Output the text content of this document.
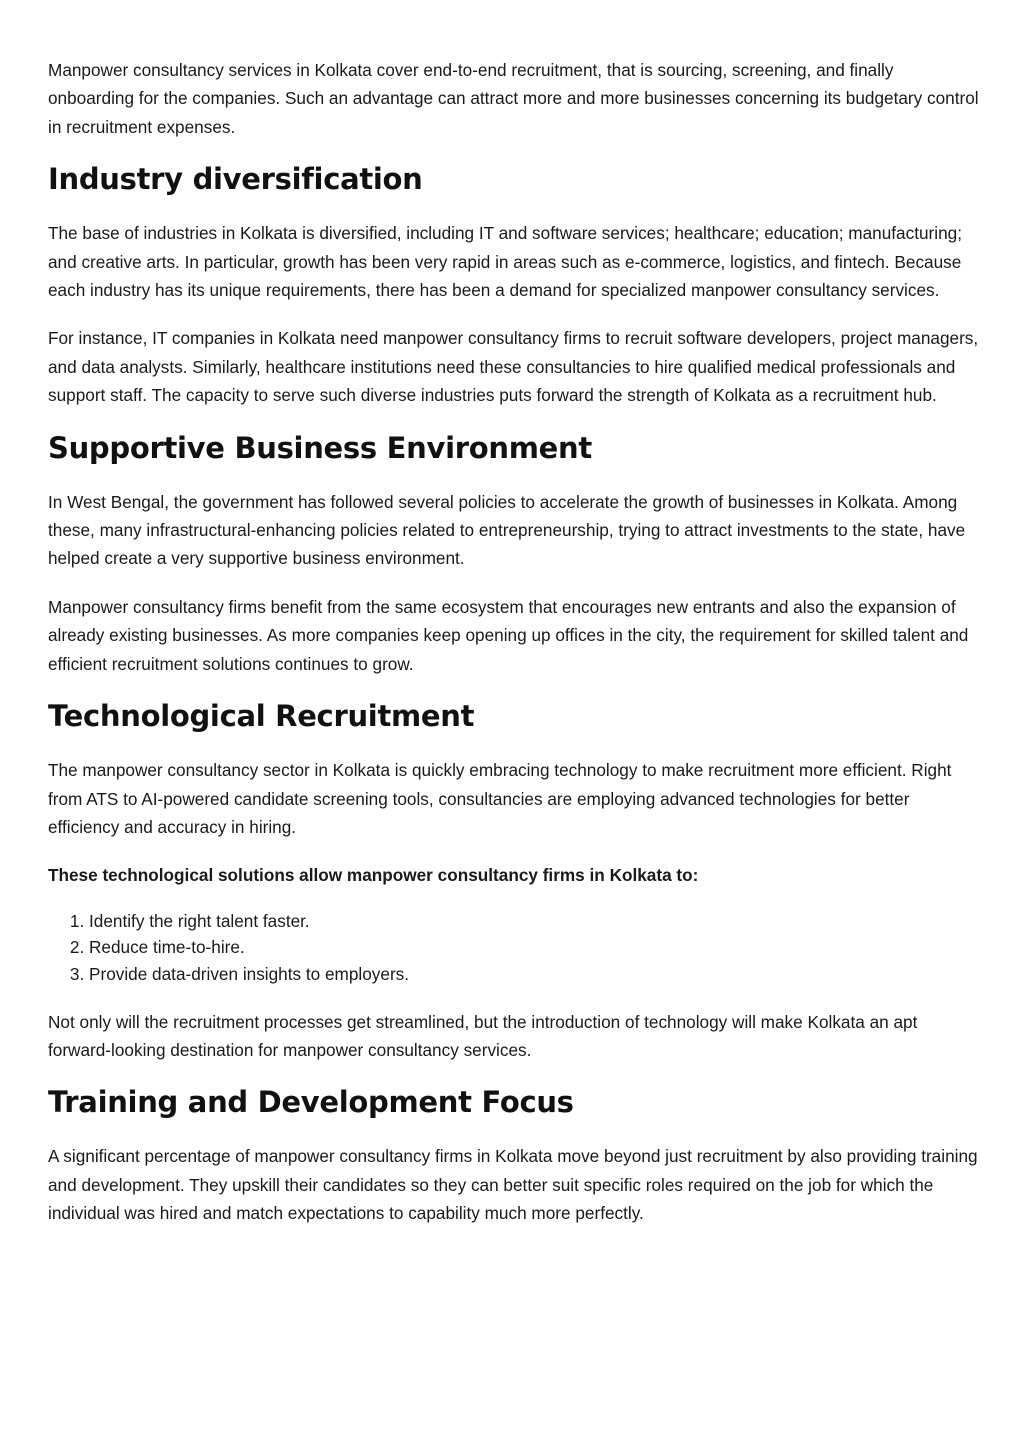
Manpower consultancy services in Kolkata cover end-to-end recruitment, that is sourcing, screening, and finally onboarding for the companies. Such an advantage can attract more and more businesses concerning its budgetary control in recruitment expenses.

Industry diversification

The base of industries in Kolkata is diversified, including IT and software services; healthcare; education; manufacturing; and creative arts. In particular, growth has been very rapid in areas such as e-commerce, logistics, and fintech. Because each industry has its unique requirements, there has been a demand for specialized manpower consultancy services.

For instance, IT companies in Kolkata need manpower consultancy firms to recruit software developers, project managers, and data analysts. Similarly, healthcare institutions need these consultancies to hire qualified medical professionals and support staff. The capacity to serve such diverse industries puts forward the strength of Kolkata as a recruitment hub.

Supportive Business Environment

In West Bengal, the government has followed several policies to accelerate the growth of businesses in Kolkata. Among these, many infrastructural-enhancing policies related to entrepreneurship, trying to attract investments to the state, have helped create a very supportive business environment.

Manpower consultancy firms benefit from the same ecosystem that encourages new entrants and also the expansion of already existing businesses. As more companies keep opening up offices in the city, the requirement for skilled talent and efficient recruitment solutions continues to grow.

Technological Recruitment

The manpower consultancy sector in Kolkata is quickly embracing technology to make recruitment more efficient. Right from ATS to AI-powered candidate screening tools, consultancies are employing advanced technologies for better efficiency and accuracy in hiring.

These technological solutions allow manpower consultancy firms in Kolkata to:

1. Identify the right talent faster.
2. Reduce time-to-hire.
3. Provide data-driven insights to employers.

Not only will the recruitment processes get streamlined, but the introduction of technology will make Kolkata an apt forward-looking destination for manpower consultancy services.

Training and Development Focus

A significant percentage of manpower consultancy firms in Kolkata move beyond just recruitment by also providing training and development. They upskill their candidates so they can better suit specific roles required on the job for which the individual was hired and match expectations to capability much more perfectly.
